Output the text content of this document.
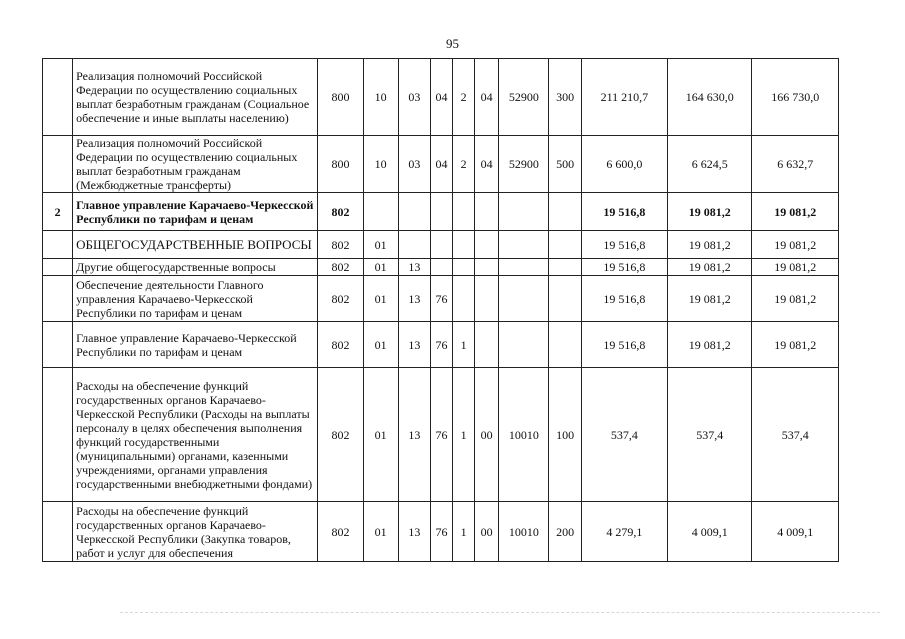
95
	Реализация полномочий Российской Федерации по осуществлению социальных выплат безработным гражданам (Социальное обеспечение и иные выплаты населению)	800	10	03	04	2	04	52900	300	211 210,7	164 630,0	166 730,0
	Реализация полномочий Российской Федерации по осуществлению социальных выплат безработным гражданам (Межбюджетные трансферты)	800	10	03	04	2	04	52900	500	6 600,0	6 624,5	6 632,7
2	Главное управление Карачаево-Черкесской Республики по тарифам и ценам	802								19 516,8	19 081,2	19 081,2
	ОБЩЕГОСУДАРСТВЕННЫЕ ВОПРОСЫ	802	01							19 516,8	19 081,2	19 081,2
	Другие общегосударственные вопросы	802	01	13						19 516,8	19 081,2	19 081,2
	Обеспечение деятельности Главного управления Карачаево-Черкесской Республики по тарифам и ценам	802	01	13	76					19 516,8	19 081,2	19 081,2
	Главное управление Карачаево-Черкесской Республики по тарифам и ценам	802	01	13	76	1				19 516,8	19 081,2	19 081,2
	Расходы на обеспечение функций государственных органов Карачаево-Черкесской Республики (Расходы на выплаты персоналу в целях обеспечения выполнения функций государственными (муниципальными) органами, казенными учреждениями, органами управления государственными внебюджетными фондами)	802	01	13	76	1	00	10010	100	537,4	537,4	537,4
	Расходы на обеспечение функций государственных органов Карачаево-Черкесской Республики (Закупка товаров, работ и услуг для обеспечения	802	01	13	76	1	00	10010	200	4 279,1	4 009,1	4 009,1
